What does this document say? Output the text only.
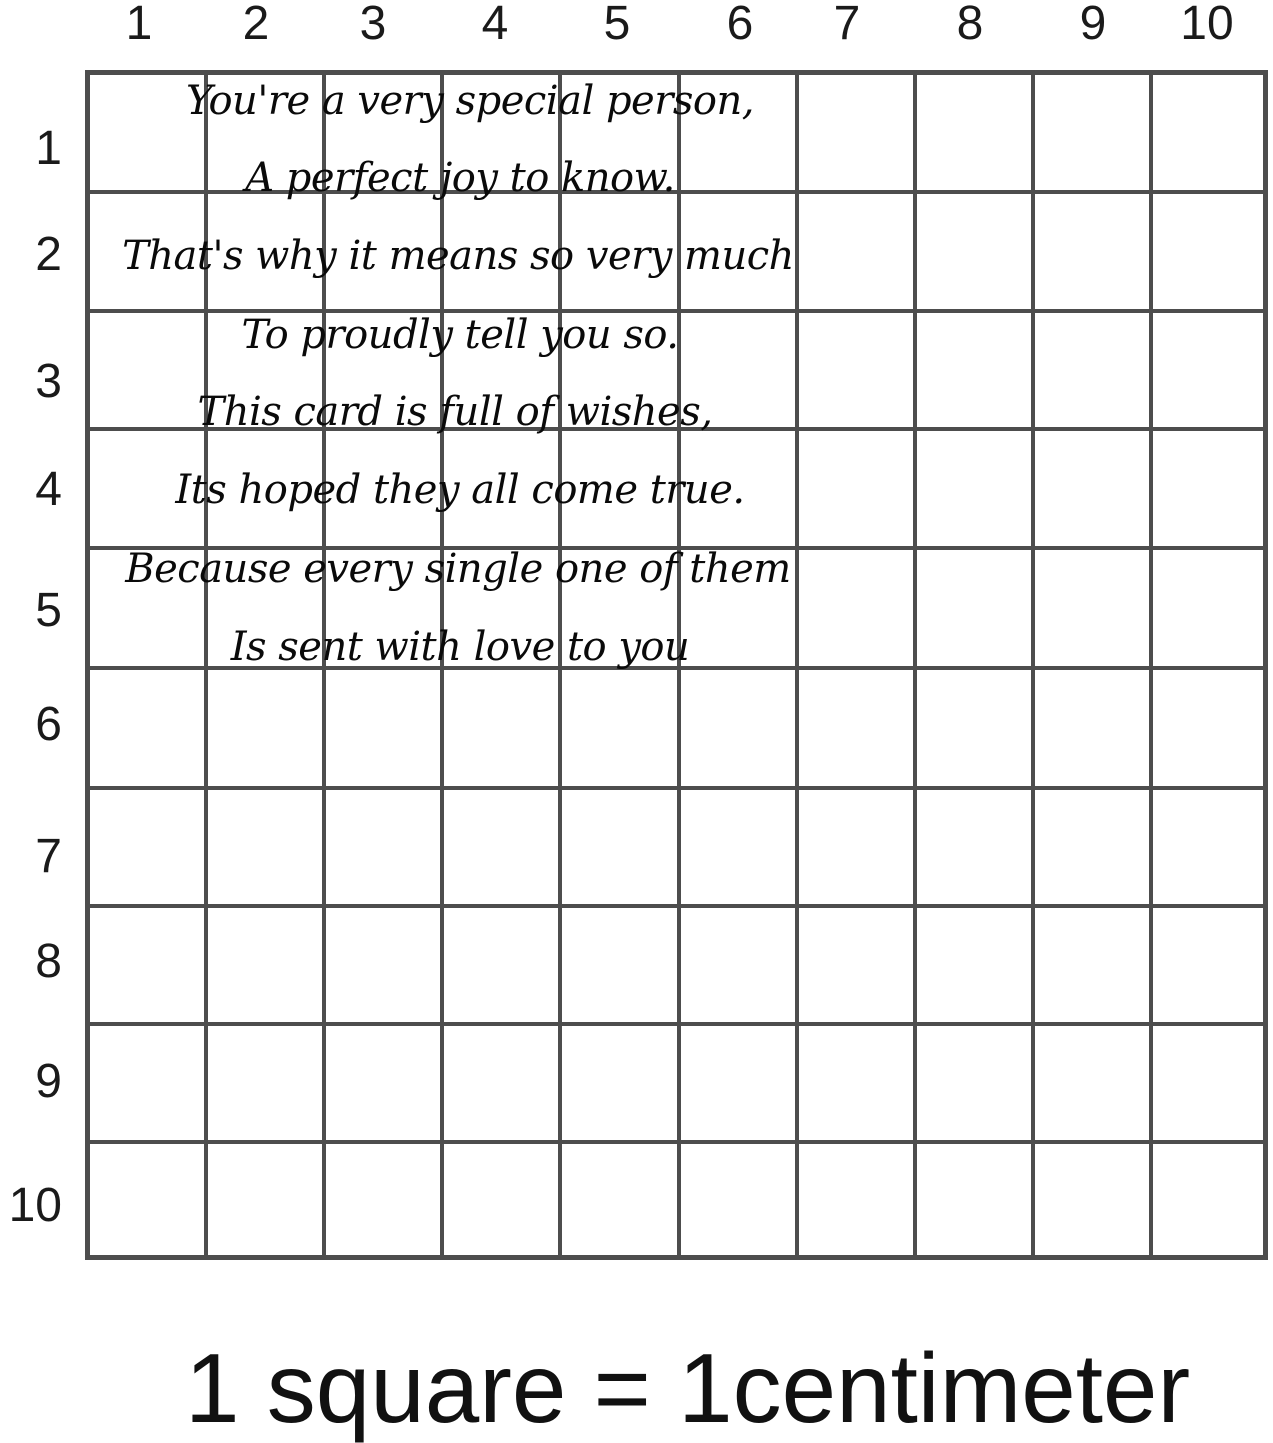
1	2	3	4	5	6	7	8	9	10
1
2
3
4
5
6
7
8
9
10
You're a very special person,
A perfect joy to know.
That's why it means so very much
To proudly tell you so.
This card is full of wishes,
Its hoped they all come true.
Because every single one of them
Is sent with love to you
1 square = 1centimeter
